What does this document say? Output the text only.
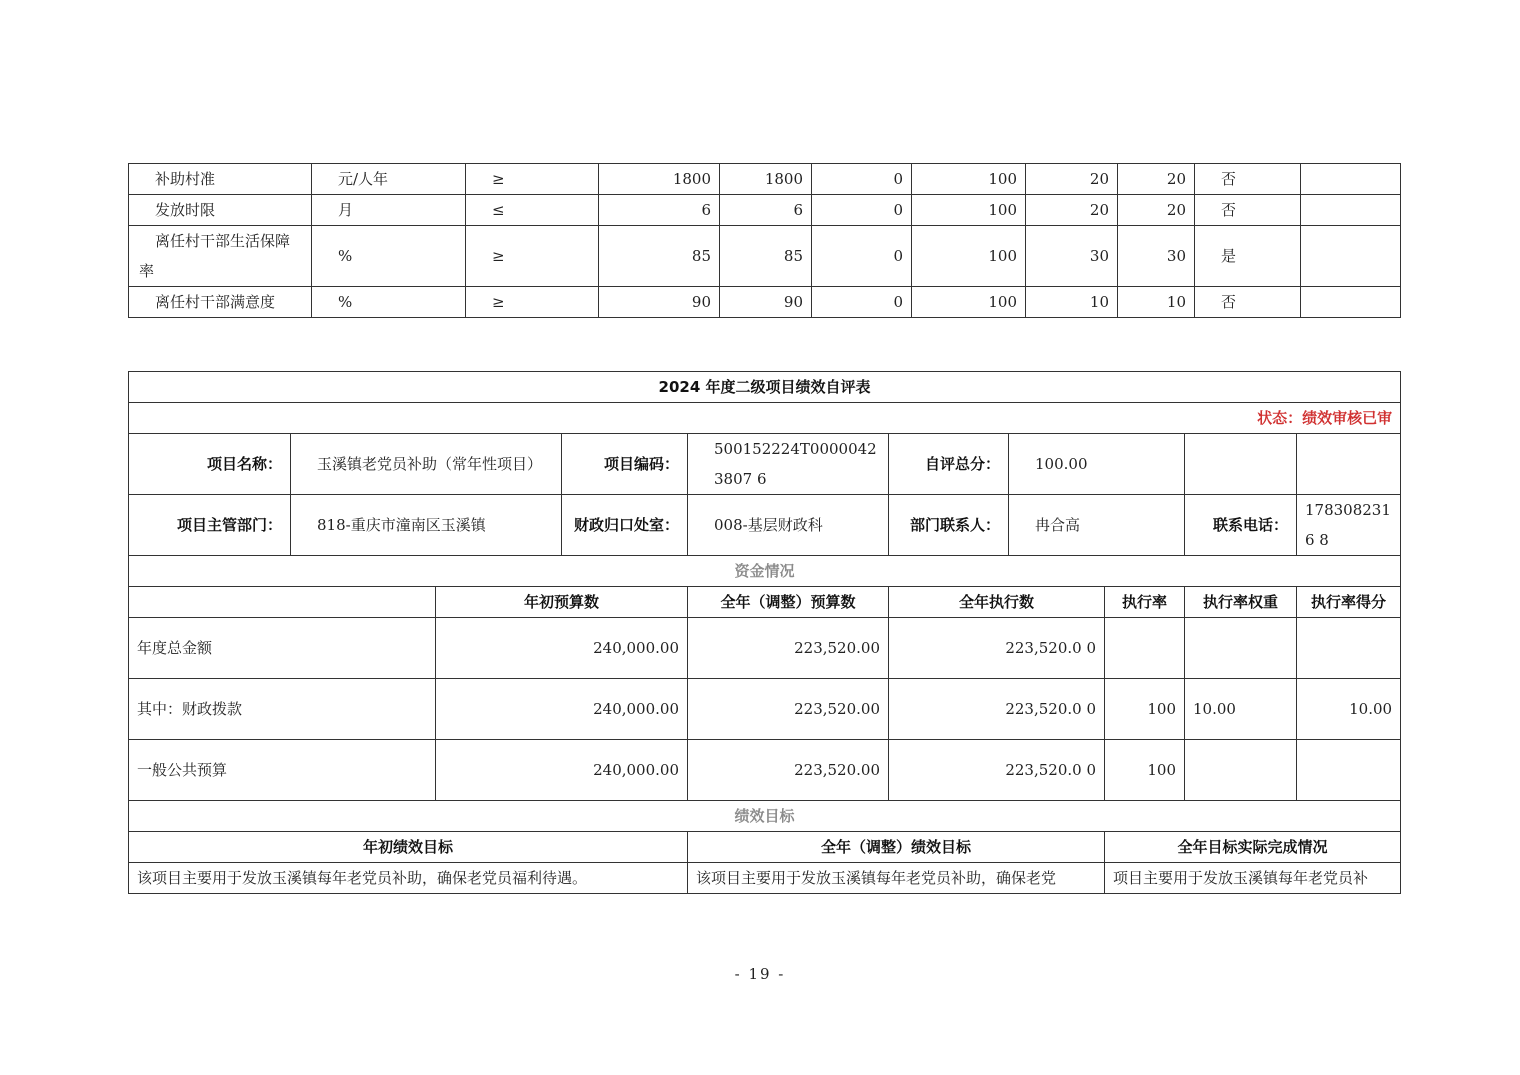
补助村准	元/人年	≥	1800	1800	0	100	20	20	否	
发放时限	月	≤	6	6	0	100	20	20	否	
离任村干部生活保障率	%	≥	85	85	0	100	30	30	是	
离任村干部满意度	%	≥	90	90	0	100	10	10	否	
2024 年度二级项目绩效自评表									
状态：绩效审核已审									
项目名称：	玉溪镇老党员补助（常年性项目）		项目编码：	500152224T00000423807 6	自评总分：	100.00			
项目主管部门：	818-重庆市潼南区玉溪镇		财政归口处室：	008-基层财政科	部门联系人：	冉合高		联系电话：	1783082316 8
资金情况									
		年初预算数		全年（调整）预算数	全年执行数		执行率	执行率权重	执行率得分
年度总金额		240,000.00		223,520.00	223,520.0 0				
其中：财政拨款		240,000.00		223,520.00	223,520.0 0		100	10.00	10.00
一般公共预算		240,000.00		223,520.00	223,520.0 0		100		
绩效目标									
年初绩效目标				全年（调整）绩效目标			全年目标实际完成情况		
该项目主要用于发放玉溪镇每年老党员补助，确保老党员福利待遇。				该项目主要用于发放玉溪镇每年老党员补助，确保老党			项目主要用于发放玉溪镇每年老党员补		
- 19 -
